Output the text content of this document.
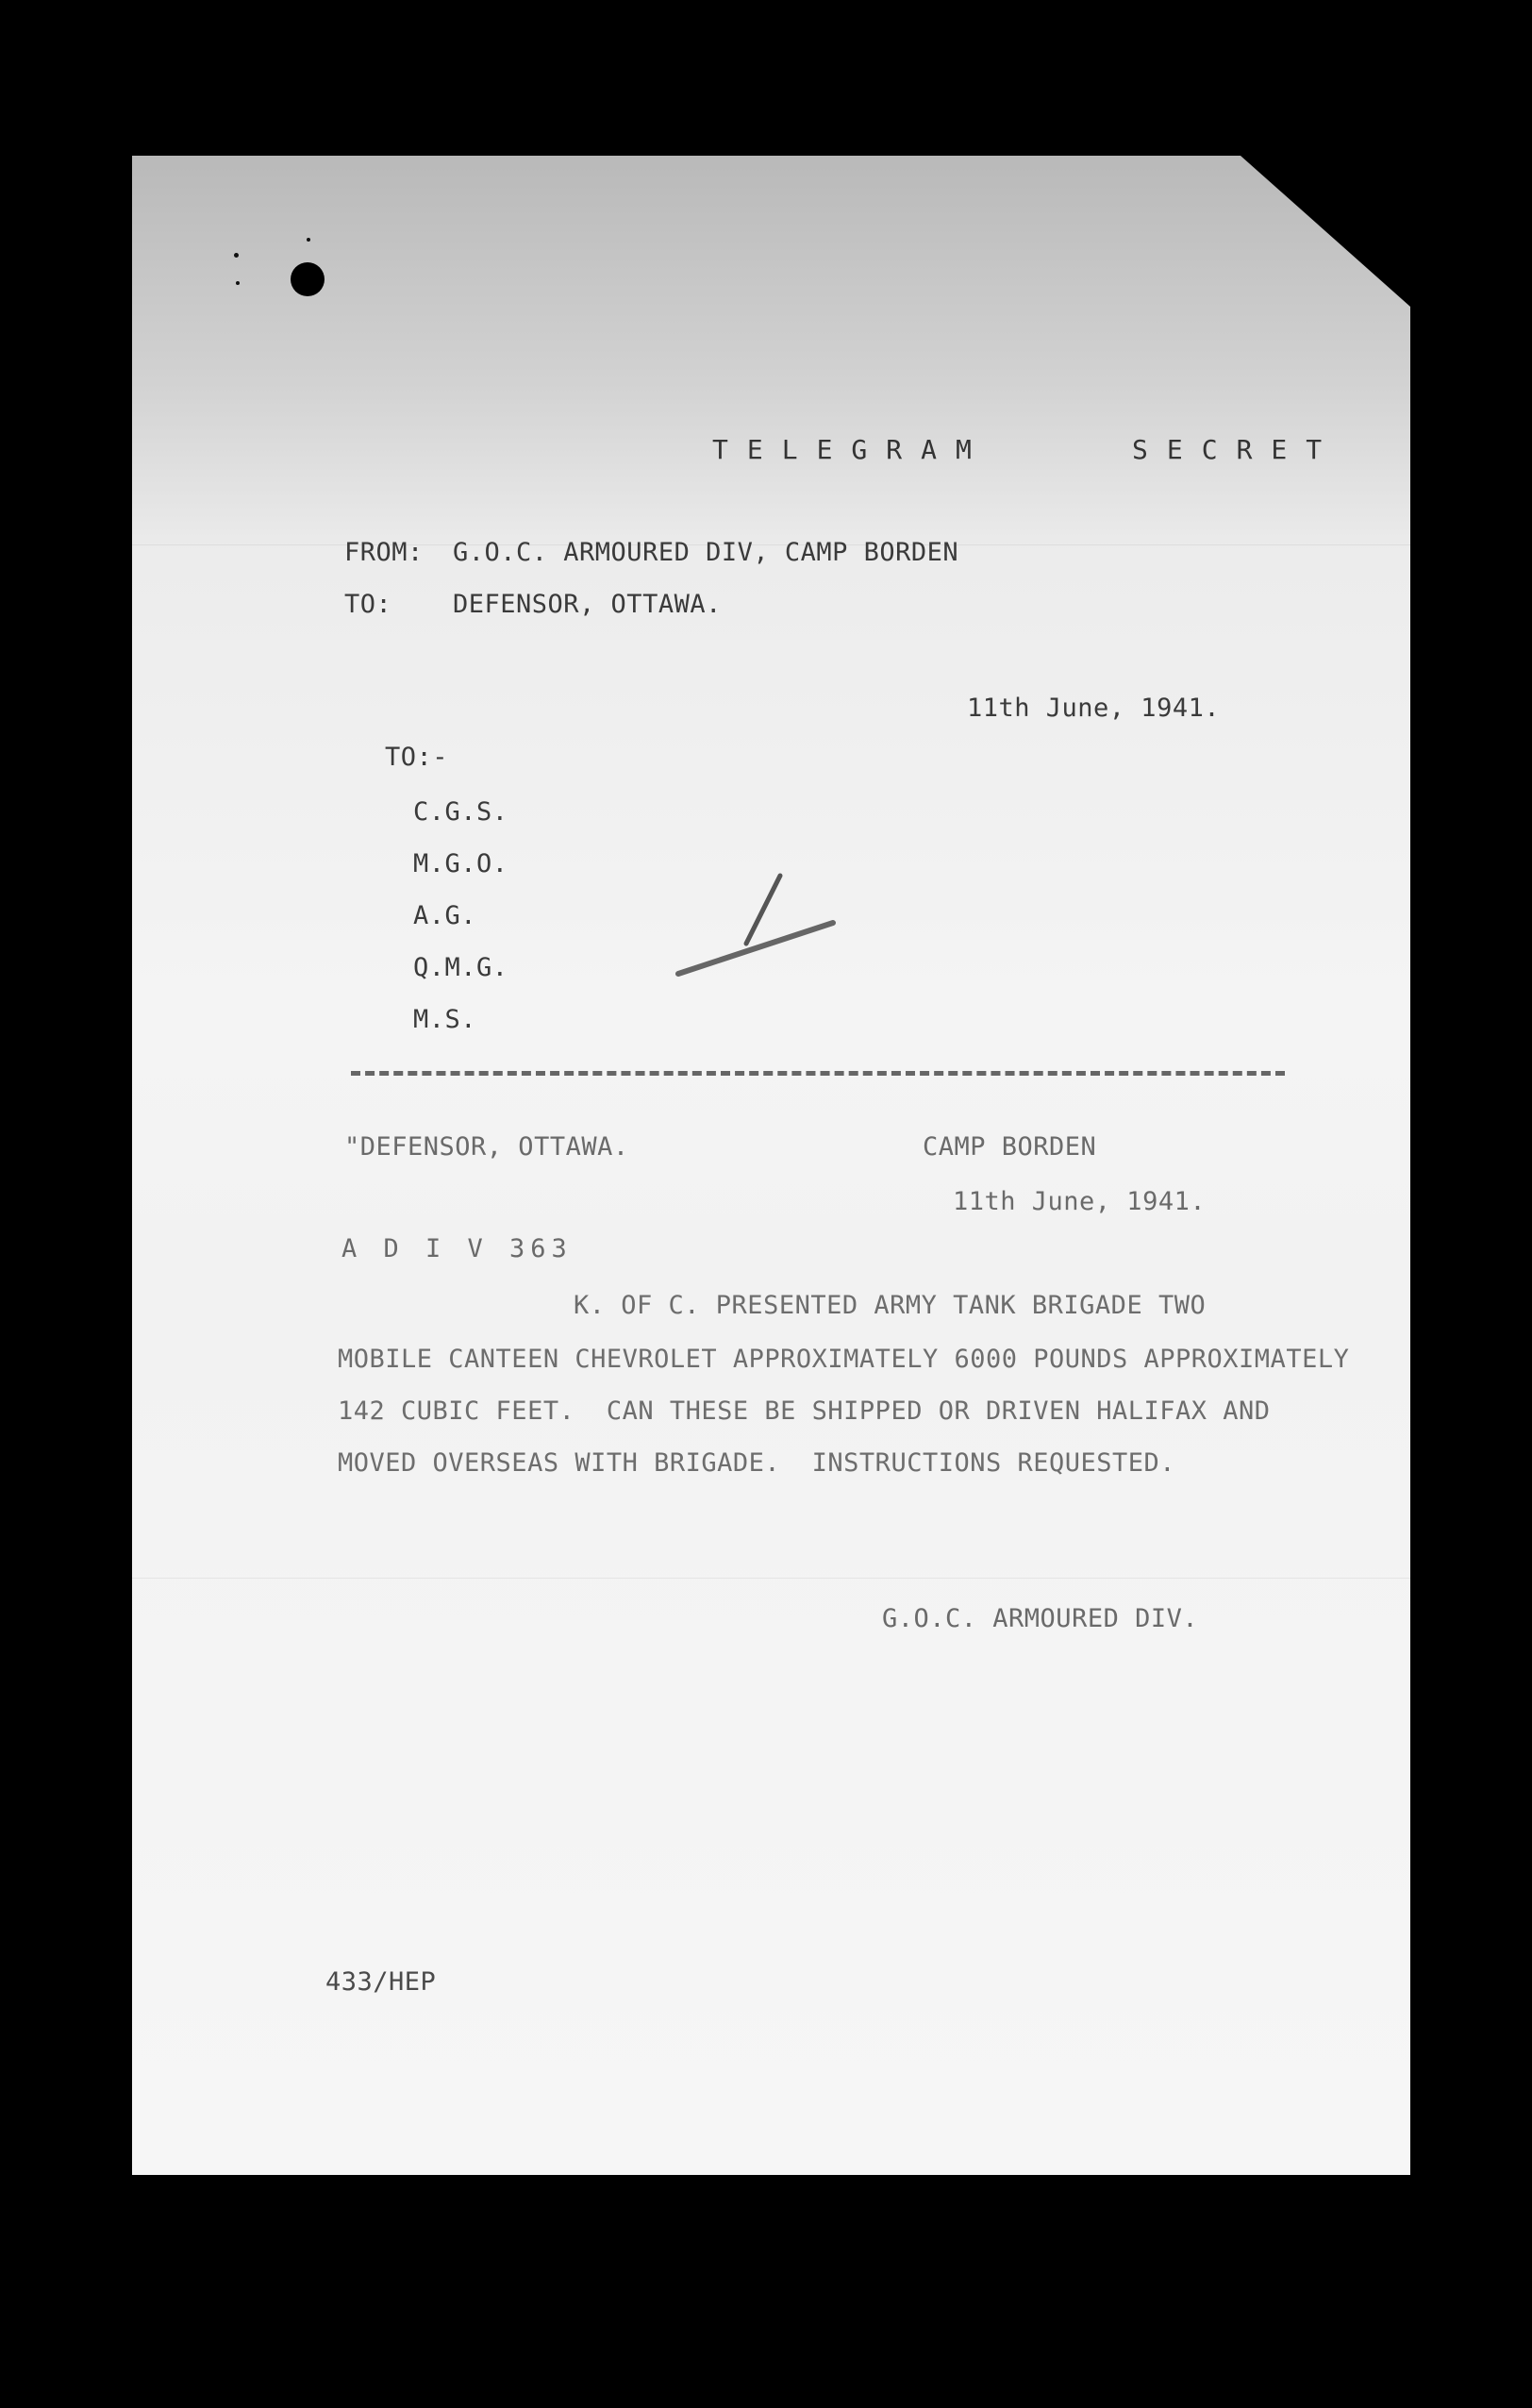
TELEGRAM	SECRET
FROM: G.O.C. ARMOURED DIV, CAMP BORDEN
TO: DEFENSOR, OTTAWA.
11th June, 1941.
TO:-
C.G.S.
M.G.O.
A.G.
Q.M.G.
M.S.
"DEFENSOR, OTTAWA.	CAMP BORDEN
11th June, 1941.
A D I V 363
K. OF C. PRESENTED ARMY TANK BRIGADE TWO
MOBILE CANTEEN CHEVROLET APPROXIMATELY 6000 POUNDS APPROXIMATELY
142 CUBIC FEET.  CAN THESE BE SHIPPED OR DRIVEN HALIFAX AND
MOVED OVERSEAS WITH BRIGADE.  INSTRUCTIONS REQUESTED.
G.O.C. ARMOURED DIV.
433/HEP
